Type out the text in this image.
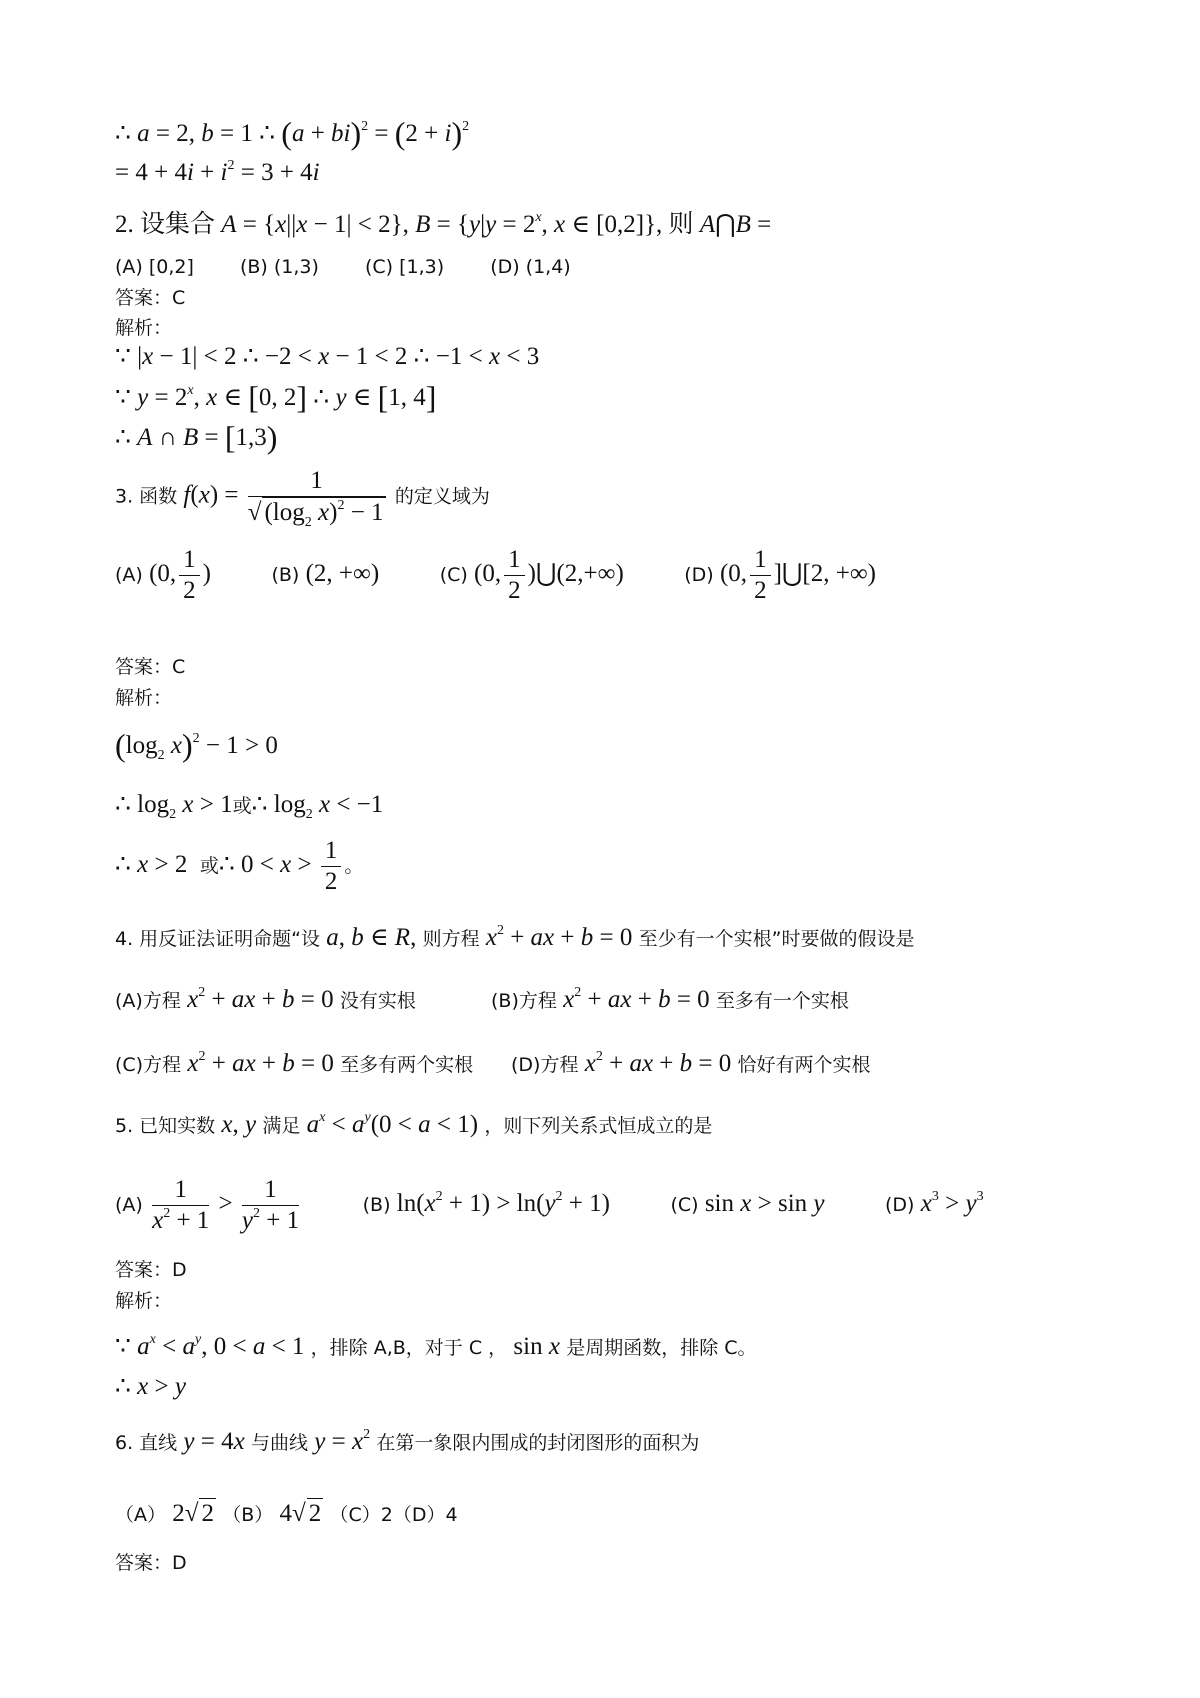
∴ a = 2, b = 1 ∴ $(a + bi)^2 = (2 + i)^2$
= $4 + 4i + i^2 = 3 + 4i$
2. 设集合 A = {x||x − 1| < 2}, $B = \{y|y = 2^x$, x ∈ [0,2]}, 则 A⋂B =
(A) [0,2] (B) (1,3) (C) [1,3) (D) (1,4)
答案：C
解析：
∵ |x − 1| < 2 ∴ −2 < x − 1 < 2 ∴ −1 < x < 3
∵ $y = 2^x$, x ∈ [0, 2] ∴ y ∈ [1, 4]
∴ A ∩ B = [1,3)
3. 函数 $f(x) = \frac{1}{√ (\log_2 x)^2 - 1}$ 的定义域为
(A) (0, $\frac{1}{2}$ )	(B) (2, +∞)	(C) (0, $\frac{1}{2}$ )⋃(2,+∞)	(D) (0, $\frac{1}{2}$ ]⋃[2, +∞)
答案：C
解析：
($\log_2$ x)$^2$ − 1 > 0
∴ $\log_2 x > 1$或∴ $\log_2 x < -1$
∴ x > 2  或∴ $0 < x > \frac{1}{2}$ 。
4. 用反证法证明命题“设 a, b ∈ R, 则方程 $x^2$ + ax + b = 0 至少有一个实根”时要做的假设是
(A)方程 $x^2$ + ax + b = 0 没有实根	(B)方程 $x^2$ + ax + b = 0 至多有一个实根
(C)方程 $x^2$ + ax + b = 0 至多有两个实根 (D)方程 $x^2$ + ax + b = 0 恰好有两个实根
5. 已知实数 x, y 满足 $a^x < a^y(0 < a < 1)$ ，则下列关系式恒成立的是
$(A) \frac{1}{x^2 + 1} > \frac{1}{y^2 + 1}$	(B) $\ln(x^2 + 1) > \ln(y^2 + 1)$	(C) sin x > sin y	(D) $x^3 > y^3$
答案：D
解析：
∵ $a^x < a^y$, 0 < a < 1 ，排除 A,B，对于 C ， sin x 是周期函数，排除 C。
∴ x > y
6. 直线 y = 4x 与曲线 $y = x^2$ 在第一象限内围成的封闭图形的面积为
（A） 2√ 2 （B） 4√ 2 （C）2（D）4
答案：D
